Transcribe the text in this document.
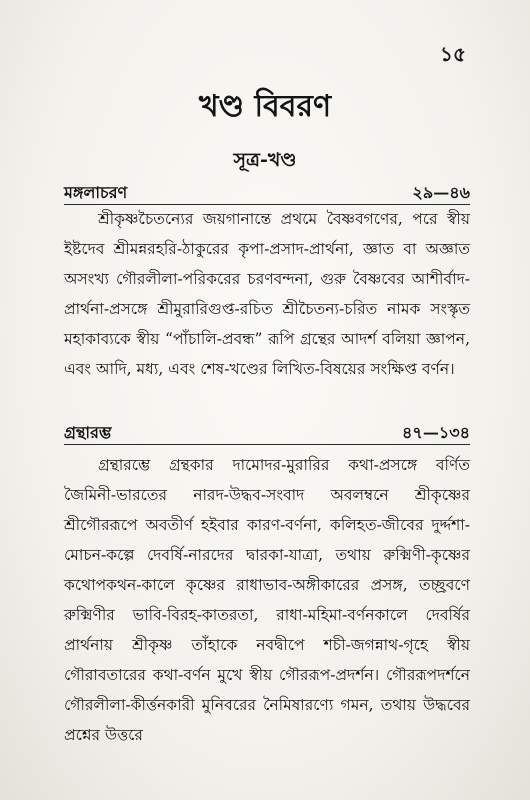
১৫
খণ্ড বিবরণ
সূত্র-খণ্ড
মঙ্গলাচরণ	২৯—৪৬

শ্রীকৃষ্ণচৈতন্যের জয়গানান্তে প্রথমে বৈষ্ণবগণের, পরে স্বীয় ইষ্টদেব শ্রীমন্নরহরি-ঠাকুরের কৃপা-প্রসাদ-প্রার্থনা, জ্ঞাত বা অজ্ঞাত অসংখ্য গৌরলীলা-পরিকরের চরণবন্দনা, গুরু বৈষ্ণবের আশীর্বাদ-প্রার্থনা-প্রসঙ্গে শ্রীমুরারিগুপ্ত-রচিত শ্রীচৈতন্য-চরিত নামক সংস্কৃত মহাকাব্যকে স্বীয় “পাঁচালি-প্রবন্ধ” রূপি গ্রন্থের আদর্শ বলিয়া জ্ঞাপন, এবং আদি, মধ্য, এবং শেষ-খণ্ডের লিখিত-বিষয়ের সংক্ষিপ্ত বর্ণন।

গ্রন্থারম্ভ	৪৭—১৩৪

গ্রন্থারম্ভে গ্রন্থকার দামোদর-মুরারির কথা-প্রসঙ্গে বর্ণিত জৈমিনী-ভারতের নারদ-উদ্ধব-সংবাদ অবলম্বনে শ্রীকৃষ্ণের শ্রীগৌররূপে অবতীর্ণ হইবার কারণ-বর্ণনা, কলিহত-জীবের দুর্দ্দশা-মোচন-কল্পে দেবর্ষি-নারদের দ্বারকা-যাত্রা, তথায় রুক্মিণী-কৃষ্ণের কথোপকথন-কালে কৃষ্ণের রাধাভাব-অঙ্গীকারের প্রসঙ্গ, তচ্ছ্রবণে রুক্মিণীর ভাবি-বিরহ-কাতরতা, রাধা-মহিমা-বর্ণনকালে দেবর্ষির প্রার্থনায় শ্রীকৃষ্ণ তাঁহাকে নবদ্বীপে শচী-জগন্নাথ-গৃহে স্বীয় গৌরাবতারের কথা-বর্ণন মুখে স্বীয় গৌররূপ-প্রদর্শন। গৌররূপদর্শনে গৌরলীলা-কীর্ত্তনকারী মুনিবরের নৈমিষারণ্যে গমন, তথায় উদ্ধবের প্রশ্নের উত্তরে
